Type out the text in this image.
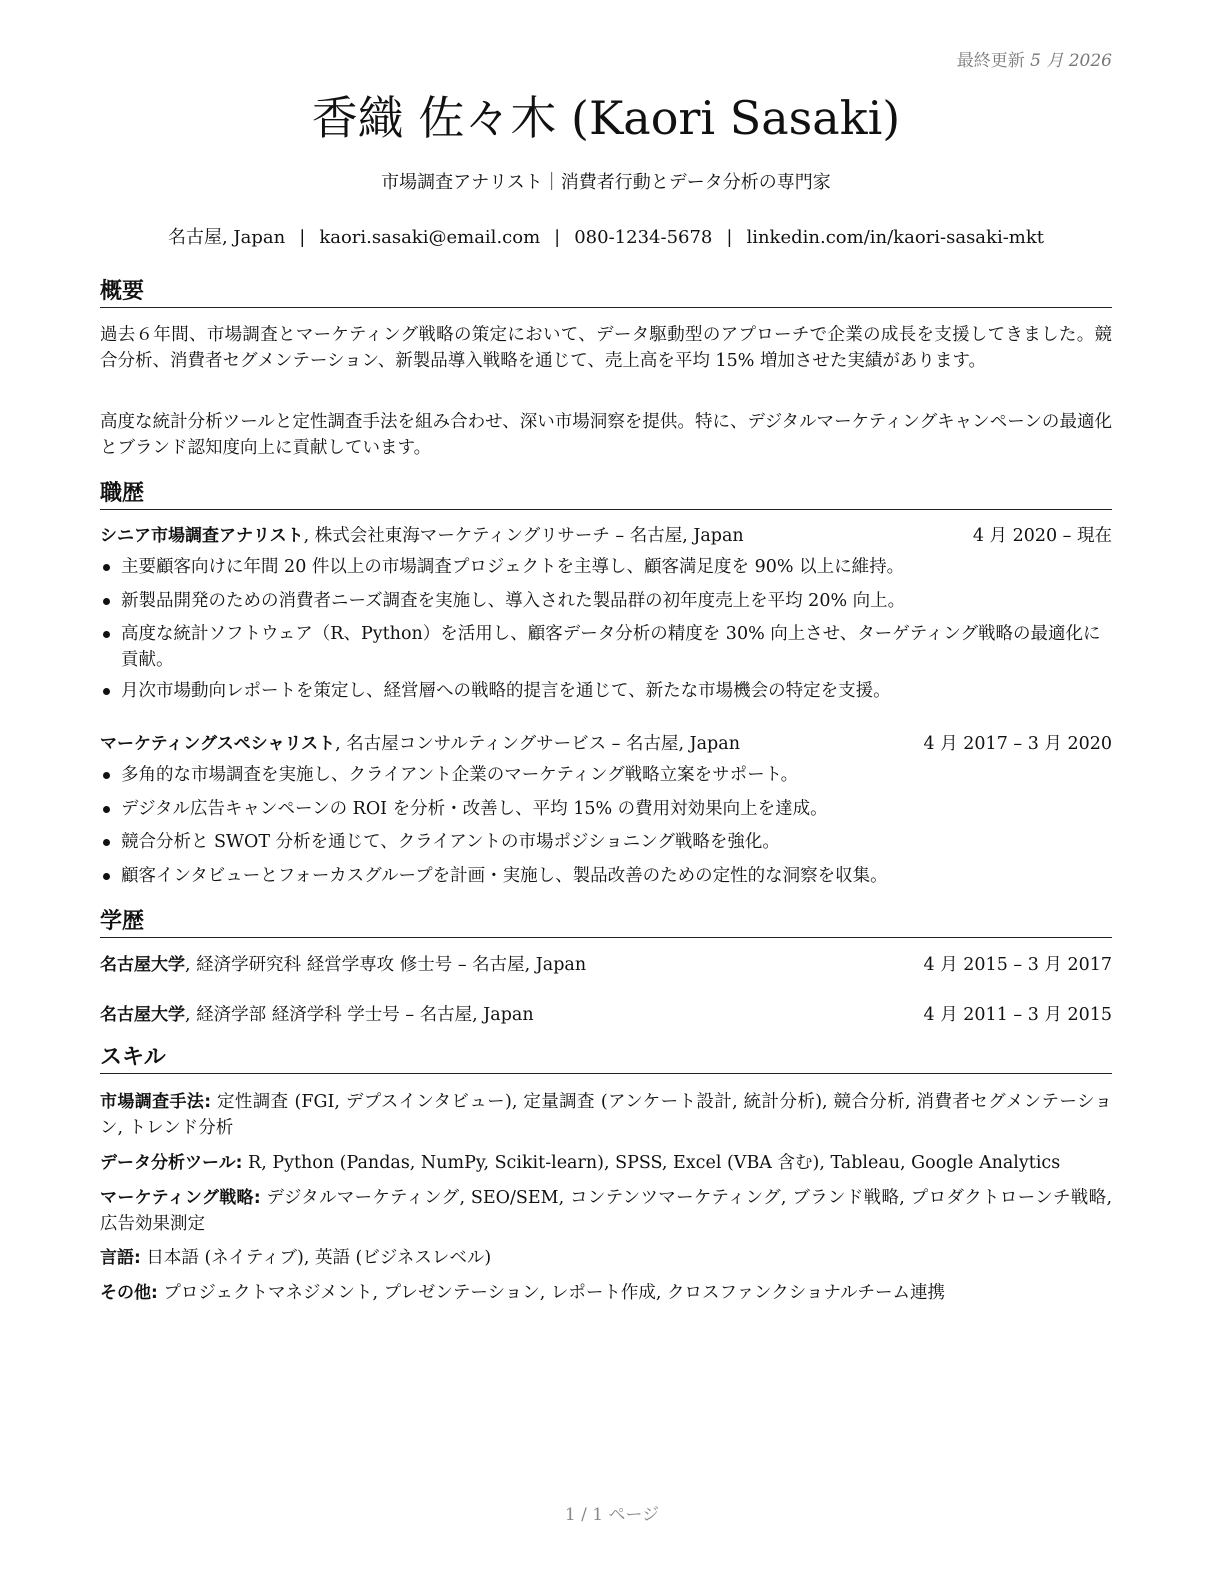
最終更新 5 月 2026
香織 佐々木 (Kaori Sasaki)
市場調査アナリスト｜消費者行動とデータ分析の専門家
名古屋, Japan | kaori.sasaki@email.com | 080-1234-5678 | linkedin.com/in/kaori-sasaki-mkt
概要
過去６年間、市場調査とマーケティング戦略の策定において、データ駆動型のアプローチで企業の成長を支援してきました。競合分析、消費者セグメンテーション、新製品導入戦略を通じて、売上高を平均 15% 増加させた実績があります。
高度な統計分析ツールと定性調査手法を組み合わせ、深い市場洞察を提供。特に、デジタルマーケティングキャンペーンの最適化とブランド認知度向上に貢献しています。
職歴
シニア市場調査アナリスト, 株式会社東海マーケティングリサーチ – 名古屋, Japan	4 月 2020 – 現在
主要顧客向けに年間 20 件以上の市場調査プロジェクトを主導し、顧客満足度を 90% 以上に維持。
新製品開発のための消費者ニーズ調査を実施し、導入された製品群の初年度売上を平均 20% 向上。
高度な統計ソフトウェア（R、Python）を活用し、顧客データ分析の精度を 30% 向上させ、ターゲティング戦略の最適化に貢献。
月次市場動向レポートを策定し、経営層への戦略的提言を通じて、新たな市場機会の特定を支援。
マーケティングスペシャリスト, 名古屋コンサルティングサービス – 名古屋, Japan	4 月 2017 – 3 月 2020
多角的な市場調査を実施し、クライアント企業のマーケティング戦略立案をサポート。
デジタル広告キャンペーンの ROI を分析・改善し、平均 15% の費用対効果向上を達成。
競合分析と SWOT 分析を通じて、クライアントの市場ポジショニング戦略を強化。
顧客インタビューとフォーカスグループを計画・実施し、製品改善のための定性的な洞察を収集。
学歴
名古屋大学, 経済学研究科 経営学専攻 修士号 – 名古屋, Japan	4 月 2015 – 3 月 2017
名古屋大学, 経済学部 経済学科 学士号 – 名古屋, Japan	4 月 2011 – 3 月 2015
スキル
市場調査手法: 定性調査 (FGI, デプスインタビュー), 定量調査 (アンケート設計, 統計分析), 競合分析, 消費者セグメンテーション, トレンド分析
データ分析ツール: R, Python (Pandas, NumPy, Scikit-learn), SPSS, Excel (VBA 含む), Tableau, Google Analytics
マーケティング戦略: デジタルマーケティング, SEO/SEM, コンテンツマーケティング, ブランド戦略, プロダクトローンチ戦略, 広告効果測定
言語: 日本語 (ネイティブ), 英語 (ビジネスレベル)
その他: プロジェクトマネジメント, プレゼンテーション, レポート作成, クロスファンクショナルチーム連携
1 / 1 ページ
